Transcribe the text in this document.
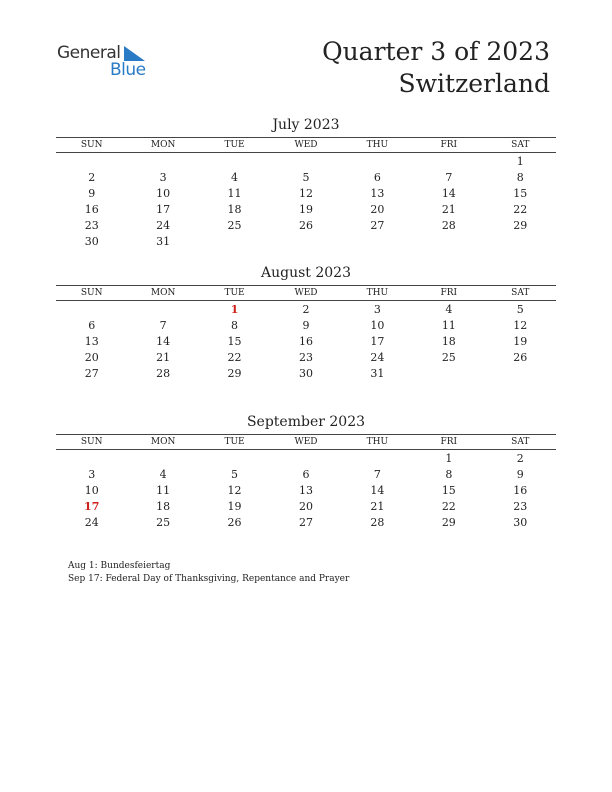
General
Blue
Quarter 3 of 2023
Switzerland
July 2023
SUN	MON	TUE	WED	THU	FRI	SAT
						1
2	3	4	5	6	7	8
9	10	11	12	13	14	15
16	17	18	19	20	21	22
23	24	25	26	27	28	29
30	31					
August 2023
SUN	MON	TUE	WED	THU	FRI	SAT
		1	2	3	4	5
6	7	8	9	10	11	12
13	14	15	16	17	18	19
20	21	22	23	24	25	26
27	28	29	30	31		
September 2023
SUN	MON	TUE	WED	THU	FRI	SAT
					1	2
3	4	5	6	7	8	9
10	11	12	13	14	15	16
17	18	19	20	21	22	23
24	25	26	27	28	29	30
Aug 1: Bundesfeiertag
Sep 17: Federal Day of Thanksgiving, Repentance and Prayer
